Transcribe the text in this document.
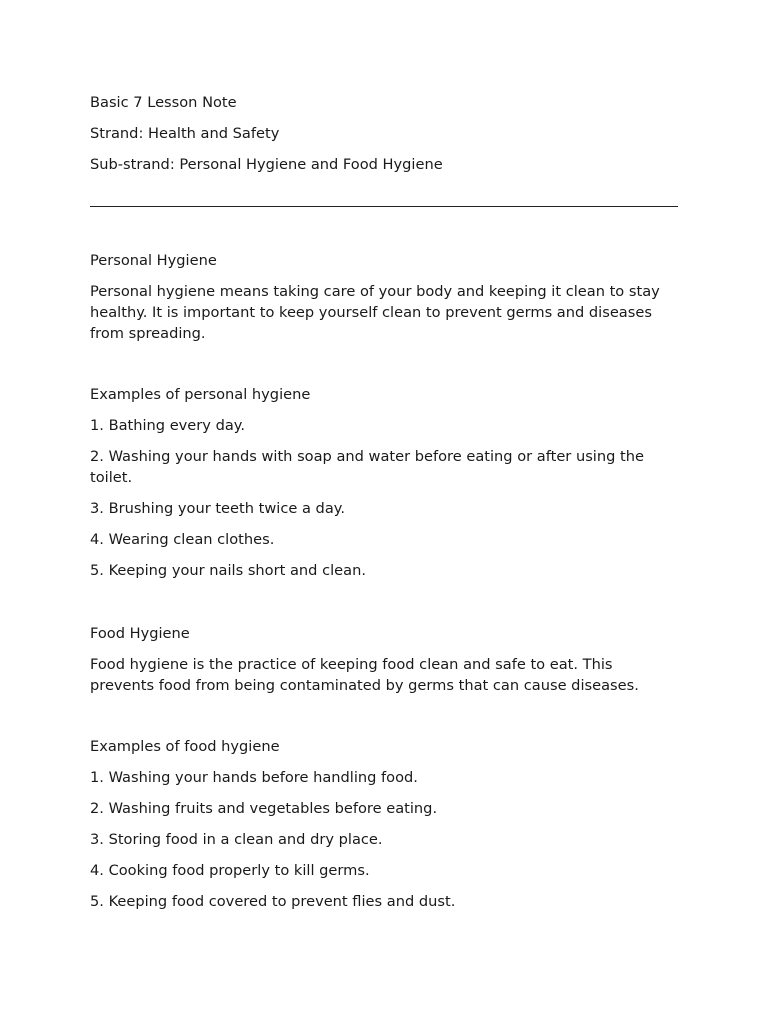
Basic 7 Lesson Note

Strand: Health and Safety

Sub-strand: Personal Hygiene and Food Hygiene

Personal Hygiene

Personal hygiene means taking care of your body and keeping it clean to stay healthy. It is important to keep yourself clean to prevent germs and diseases from spreading.

Examples of personal hygiene

1. Bathing every day.
2. Washing your hands with soap and water before eating or after using the toilet.
3. Brushing your teeth twice a day.
4. Wearing clean clothes.
5. Keeping your nails short and clean.

Food Hygiene

Food hygiene is the practice of keeping food clean and safe to eat. This prevents food from being contaminated by germs that can cause diseases.

Examples of food hygiene

1. Washing your hands before handling food.
2. Washing fruits and vegetables before eating.
3. Storing food in a clean and dry place.
4. Cooking food properly to kill germs.
5. Keeping food covered to prevent flies and dust.
